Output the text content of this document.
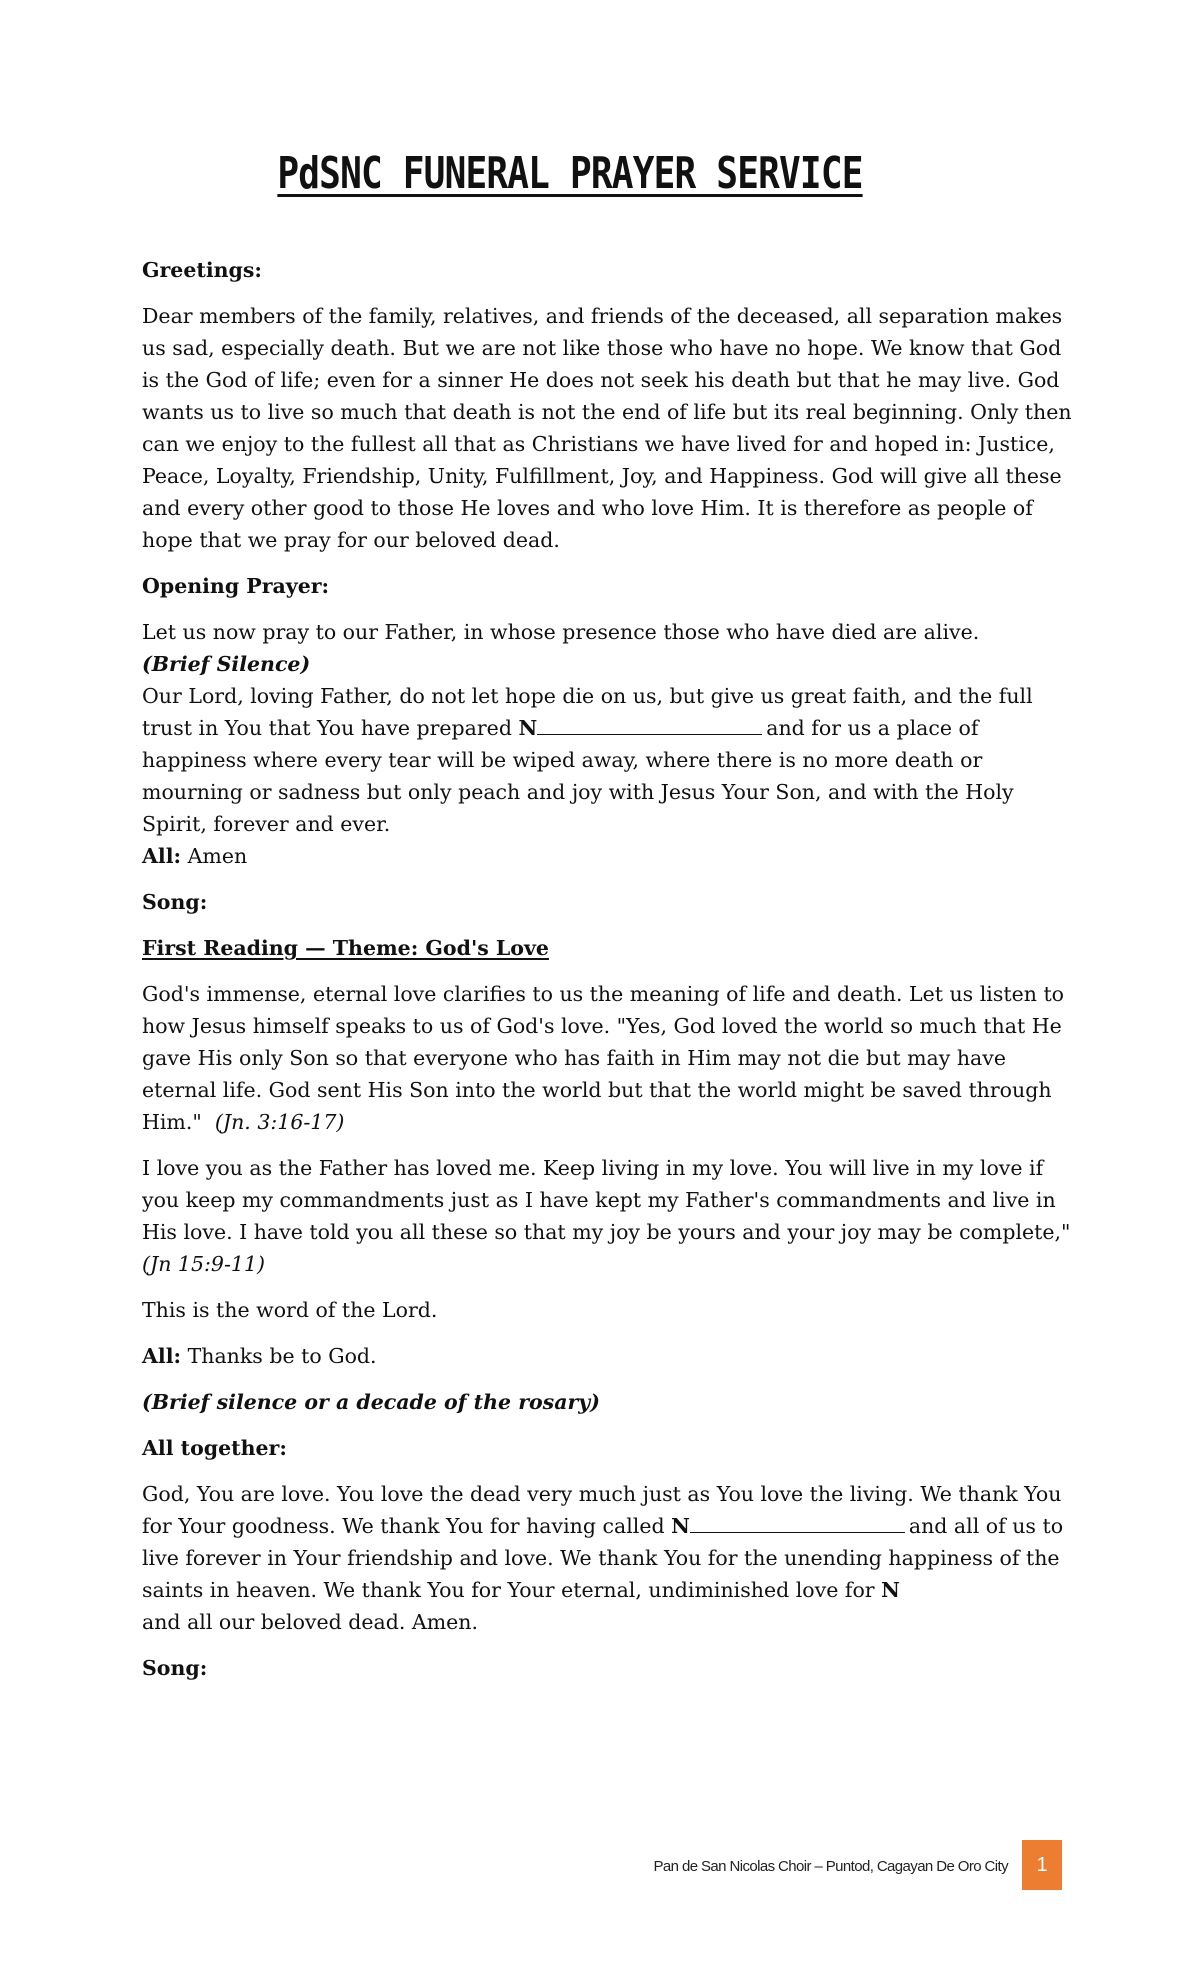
PdSNC FUNERAL PRAYER SERVICE

Greetings:

Dear members of the family, relatives, and friends of the deceased, all separation makes us sad, especially death. But we are not like those who have no hope. We know that God is the God of life; even for a sinner He does not seek his death but that he may live. God wants us to live so much that death is not the end of life but its real beginning. Only then can we enjoy to the fullest all that as Christians we have lived for and hoped in: Justice, Peace, Loyalty, Friendship, Unity, Fulfillment, Joy, and Happiness. God will give all these and every other good to those He loves and who love Him. It is therefore as people of hope that we pray for our beloved dead.

Opening Prayer:

Let us now pray to our Father, in whose presence those who have died are alive.
(Brief Silence)
Our Lord, loving Father, do not let hope die on us, but give us great faith, and the full trust in You that You have prepared N	and for us a place of happiness where every tear will be wiped away, where there is no more death or mourning or sadness but only peach and joy with Jesus Your Son, and with the Holy Spirit, forever and ever.
All: Amen

Song:

First Reading — Theme: God's Love

God's immense, eternal love clarifies to us the meaning of life and death. Let us listen to how Jesus himself speaks to us of God's love. "Yes, God loved the world so much that He gave His only Son so that everyone who has faith in Him may not die but may have eternal life. God sent His Son into the world but that the world might be saved through Him." (Jn. 3:16-17)

I love you as the Father has loved me. Keep living in my love. You will live in my love if you keep my commandments just as I have kept my Father's commandments and live in His love. I have told you all these so that my joy be yours and your joy may be complete," (Jn 15:9-11)

This is the word of the Lord.

All: Thanks be to God.

(Brief silence or a decade of the rosary)

All together:

God, You are love. You love the dead very much just as You love the living. We thank You for Your goodness. We thank You for having called N	and all of us to live forever in Your friendship and love. We thank You for the unending happiness of the saints in heaven. We thank You for Your eternal, undiminished love for N
and all our beloved dead. Amen.

Song:

Pan de San Nicolas Choir – Puntod, Cagayan De Oro City	1
